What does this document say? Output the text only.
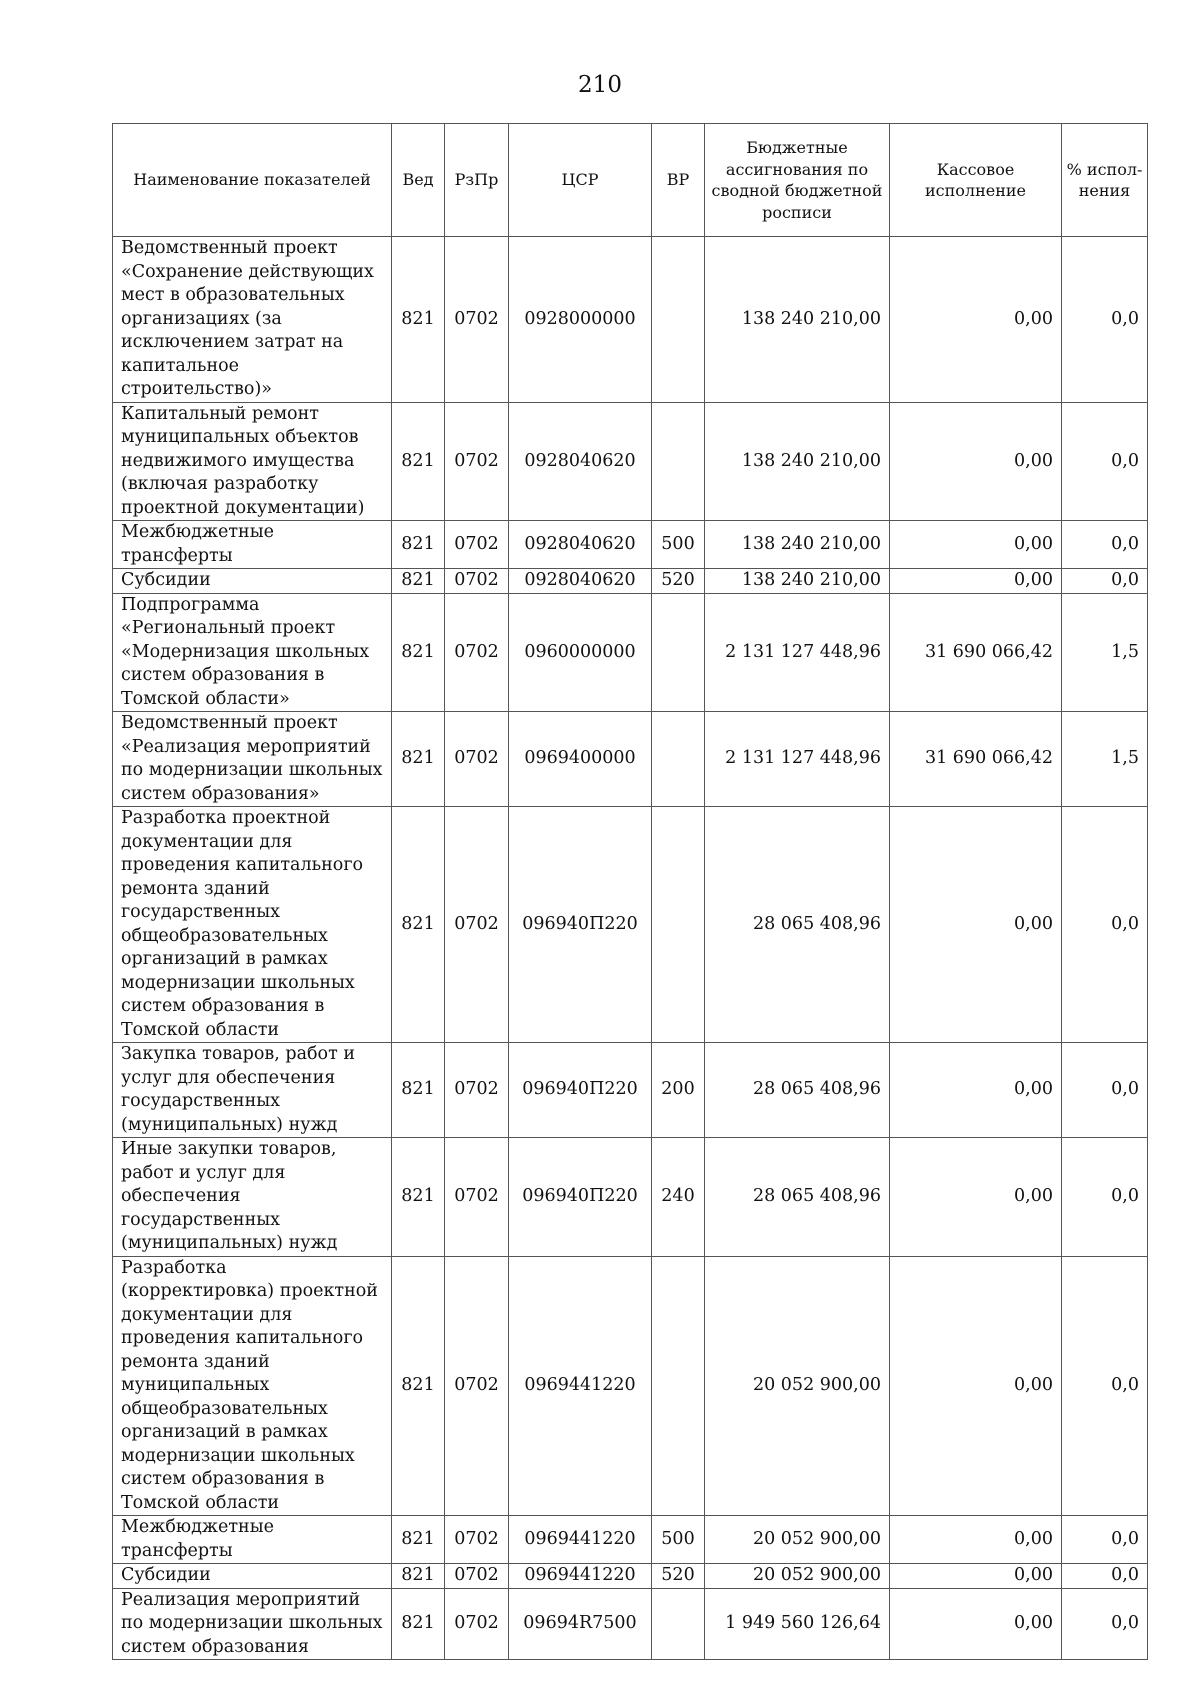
210
Наименование показателей	Вед	РзПр	ЦСР	ВР	Бюджетные ассигнования по сводной бюджетной росписи	Кассовое исполнение	% испол-нения
Ведомственный проект «Сохранение действующих мест в образовательных организациях (за исключением затрат на капитальное строительство)»	821	0702	0928000000		138 240 210,00	0,00	0,0
Капитальный ремонт муниципальных объектов недвижимого имущества (включая разработку проектной документации)	821	0702	0928040620		138 240 210,00	0,00	0,0
Межбюджетные трансферты	821	0702	0928040620	500	138 240 210,00	0,00	0,0
Субсидии	821	0702	0928040620	520	138 240 210,00	0,00	0,0
Подпрограмма «Региональный проект «Модернизация школьных систем образования в Томской области»	821	0702	0960000000		2 131 127 448,96	31 690 066,42	1,5
Ведомственный проект «Реализация мероприятий по модернизации школьных систем образования»	821	0702	0969400000		2 131 127 448,96	31 690 066,42	1,5
Разработка проектной документации для проведения капитального ремонта зданий государственных общеобразовательных организаций в рамках модернизации школьных систем образования в Томской области	821	0702	096940П220		28 065 408,96	0,00	0,0
Закупка товаров, работ и услуг для обеспечения государственных (муниципальных) нужд	821	0702	096940П220	200	28 065 408,96	0,00	0,0
Иные закупки товаров, работ и услуг для обеспечения государственных (муниципальных) нужд	821	0702	096940П220	240	28 065 408,96	0,00	0,0
Разработка (корректировка) проектной документации для проведения капитального ремонта зданий муниципальных общеобразовательных организаций в рамках модернизации школьных систем образования в Томской области	821	0702	0969441220		20 052 900,00	0,00	0,0
Межбюджетные трансферты	821	0702	0969441220	500	20 052 900,00	0,00	0,0
Субсидии	821	0702	0969441220	520	20 052 900,00	0,00	0,0
Реализация мероприятий по модернизации школьных систем образования	821	0702	09694R7500		1 949 560 126,64	0,00	0,0
